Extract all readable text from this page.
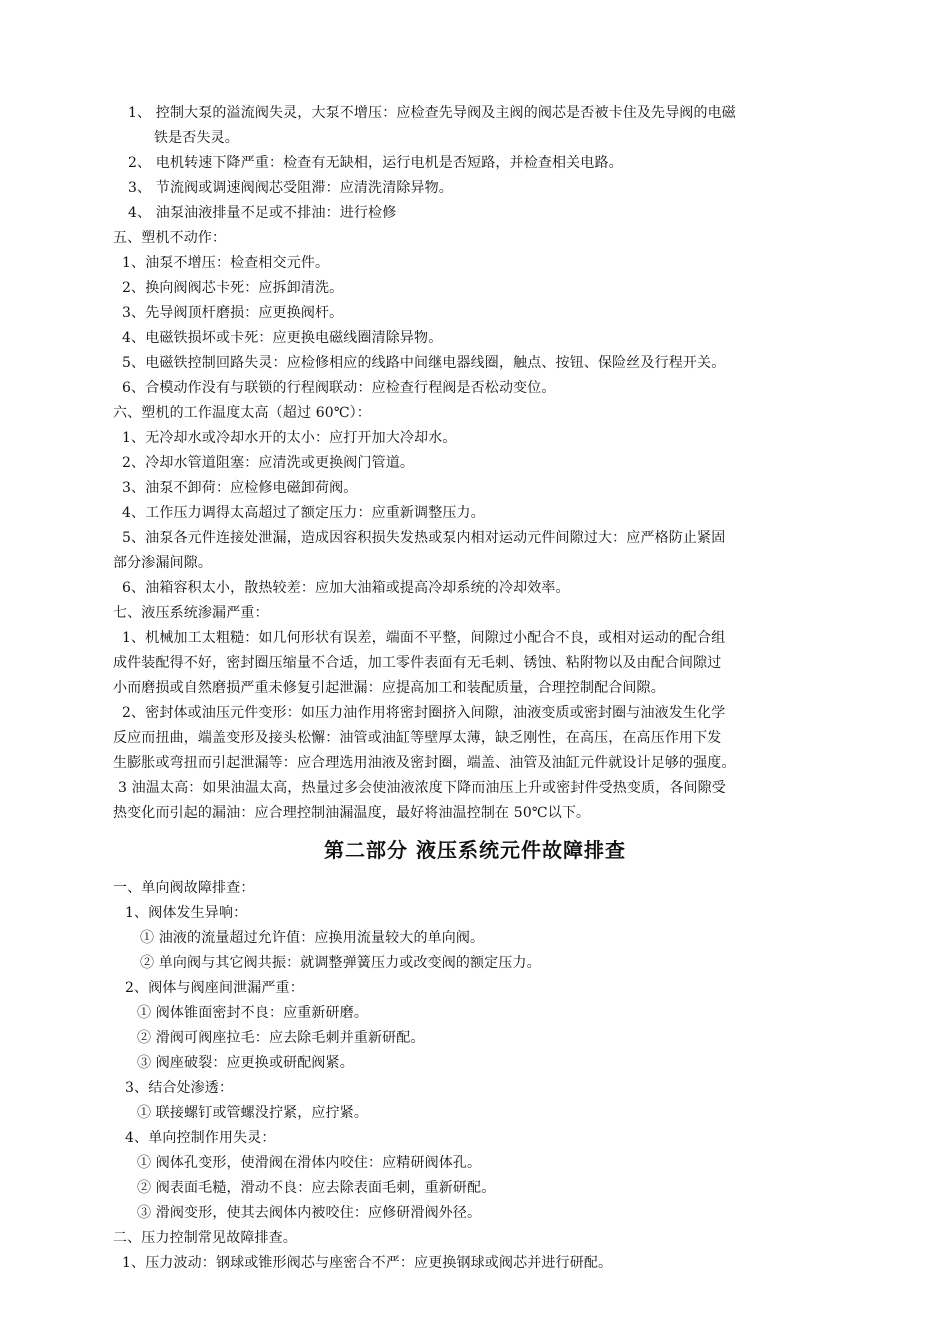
1、 控制大泵的溢流阀失灵，大泵不增压：应检查先导阀及主阀的阀芯是否被卡住及先导阀的电磁
铁是否失灵。
2、 电机转速下降严重：检查有无缺相，运行电机是否短路，并检查相关电路。
3、 节流阀或调速阀阀芯受阻滞：应清洗清除异物。
4、 油泵油液排量不足或不排油：进行检修
五、塑机不动作：
1、油泵不增压：检查相交元件。
2、换向阀阀芯卡死：应拆卸清洗。
3、先导阀顶杆磨损：应更换阀杆。
4、电磁铁损坏或卡死：应更换电磁线圈清除异物。
5、电磁铁控制回路失灵：应检修相应的线路中间继电器线圈，触点、按钮、保险丝及行程开关。
6、合模动作没有与联锁的行程阀联动：应检查行程阀是否松动变位。
六、塑机的工作温度太高（超过 60℃）：
1、无冷却水或冷却水开的太小：应打开加大冷却水。
2、冷却水管道阻塞：应清洗或更换阀门管道。
3、油泵不卸荷：应检修电磁卸荷阀。
4、工作压力调得太高超过了额定压力：应重新调整压力。
5、油泵各元件连接处泄漏，造成因容积损失发热或泵内相对运动元件间隙过大：应严格防止紧固
部分渗漏间隙。
6、油箱容积太小，散热较差：应加大油箱或提高冷却系统的冷却效率。
七、液压系统渗漏严重：
1、机械加工太粗糙：如几何形状有误差，端面不平整，间隙过小配合不良，或相对运动的配合组
成件装配得不好，密封圈压缩量不合适，加工零件表面有无毛刺、锈蚀、粘附物以及由配合间隙过
小而磨损或自然磨损严重未修复引起泄漏：应提高加工和装配质量，合理控制配合间隙。
2、密封体或油压元件变形：如压力油作用将密封圈挤入间隙，油液变质或密封圈与油液发生化学
反应而扭曲，端盖变形及接头松懈：油管或油缸等壁厚太薄，缺乏刚性，在高压，在高压作用下发
生膨胀或弯扭而引起泄漏等：应合理选用油液及密封圈，端盖、油管及油缸元件就设计足够的强度。
3 油温太高：如果油温太高，热量过多会使油液浓度下降而油压上升或密封件受热变质，各间隙受
热变化而引起的漏油：应合理控制油漏温度，最好将油温控制在 50℃以下。
第二部分 液压系统元件故障排查
一、单向阀故障排查：
1、阀体发生异响：
① 油液的流量超过允许值：应换用流量较大的单向阀。
② 单向阀与其它阀共振：就调整弹簧压力或改变阀的额定压力。
2、阀体与阀座间泄漏严重：
① 阀体锥面密封不良：应重新研磨。
② 滑阀可阀座拉毛：应去除毛刺并重新研配。
③ 阀座破裂：应更换或研配阀紧。
3、结合处渗透：
① 联接螺钉或管螺没拧紧，应拧紧。
4、单向控制作用失灵：
① 阀体孔变形，使滑阀在滑体内咬住：应精研阀体孔。
② 阀表面毛糙，滑动不良：应去除表面毛刺，重新研配。
③ 滑阀变形，使其去阀体内被咬住：应修研滑阀外径。
二、压力控制常见故障排查。
1、压力波动：钢球或锥形阀芯与座密合不严：应更换钢球或阀芯并进行研配。
